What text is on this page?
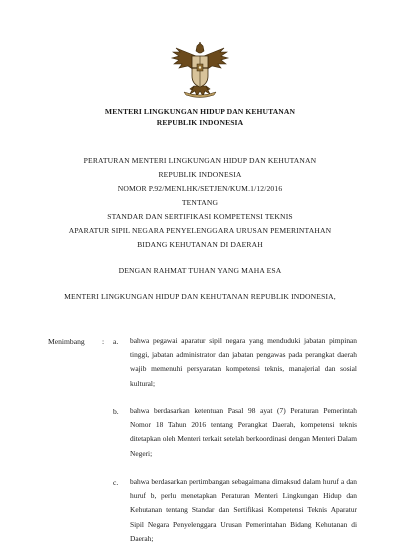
MENTERI LINGKUNGAN HIDUP DAN KEHUTANAN
REPUBLIK INDONESIA
PERATURAN MENTERI LINGKUNGAN HIDUP DAN KEHUTANAN
REPUBLIK INDONESIA
NOMOR P.92/MENLHK/SETJEN/KUM.1/12/2016
TENTANG
STANDAR DAN SERTIFIKASI KOMPETENSI TEKNIS
APARATUR SIPIL NEGARA PENYELENGGARA URUSAN PEMERINTAHAN
BIDANG KEHUTANAN DI DAERAH
DENGAN RAHMAT TUHAN YANG MAHA ESA
MENTERI LINGKUNGAN HIDUP DAN KEHUTANAN REPUBLIK INDONESIA,
Menimbang : a. bahwa pegawai aparatur sipil negara yang menduduki jabatan pimpinan tinggi, jabatan administrator dan jabatan pengawas pada perangkat daerah wajib memenuhi persyaratan kompetensi teknis, manajerial dan sosial kultural;
b. bahwa berdasarkan ketentuan Pasal 98 ayat (7) Peraturan Pemerintah Nomor 18 Tahun 2016 tentang Perangkat Daerah, kompetensi teknis ditetapkan oleh Menteri terkait setelah berkoordinasi dengan Menteri Dalam Negeri;
c. bahwa berdasarkan pertimbangan sebagaimana dimaksud dalam huruf a dan huruf b, perlu menetapkan Peraturan Menteri Lingkungan Hidup dan Kehutanan tentang Standar dan Sertifikasi Kompetensi Teknis Aparatur Sipil Negara Penyelenggara Urusan Pemerintahan Bidang Kehutanan di Daerah;
